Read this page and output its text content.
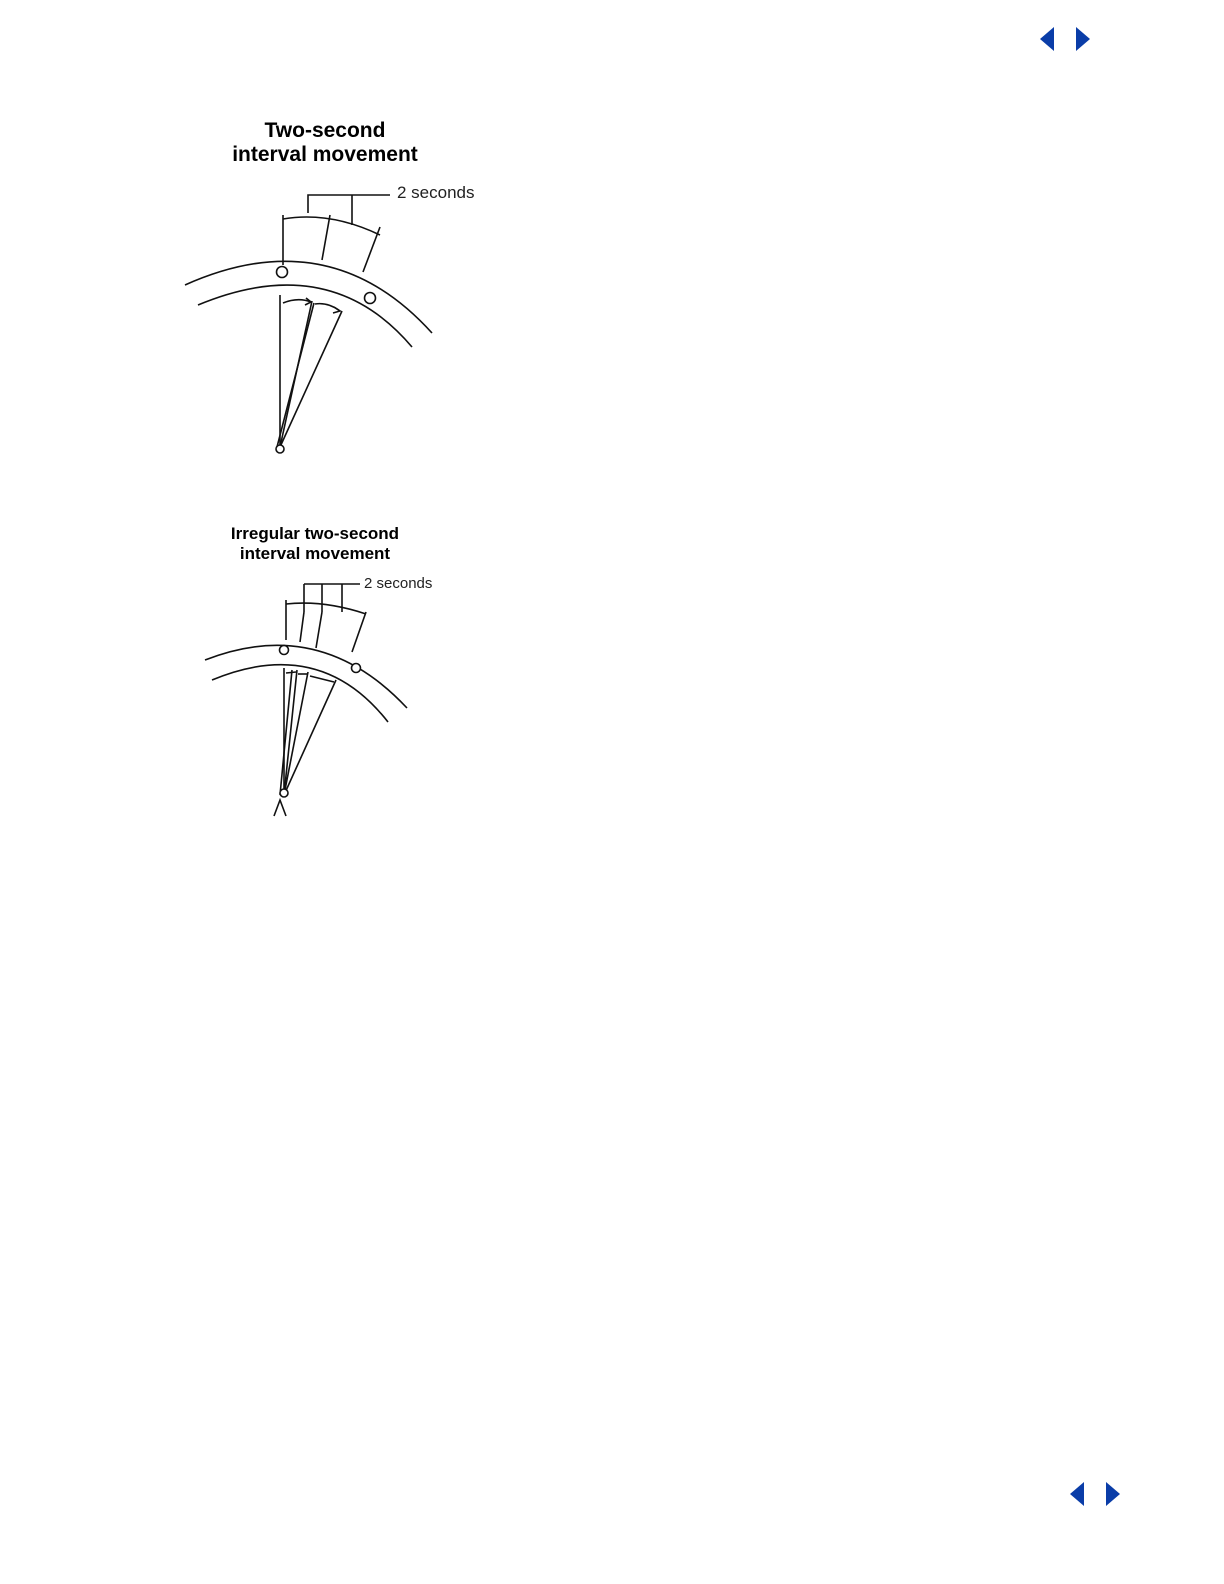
Two-second
interval movement
2 seconds
Irregular two-second
interval movement
2 seconds
